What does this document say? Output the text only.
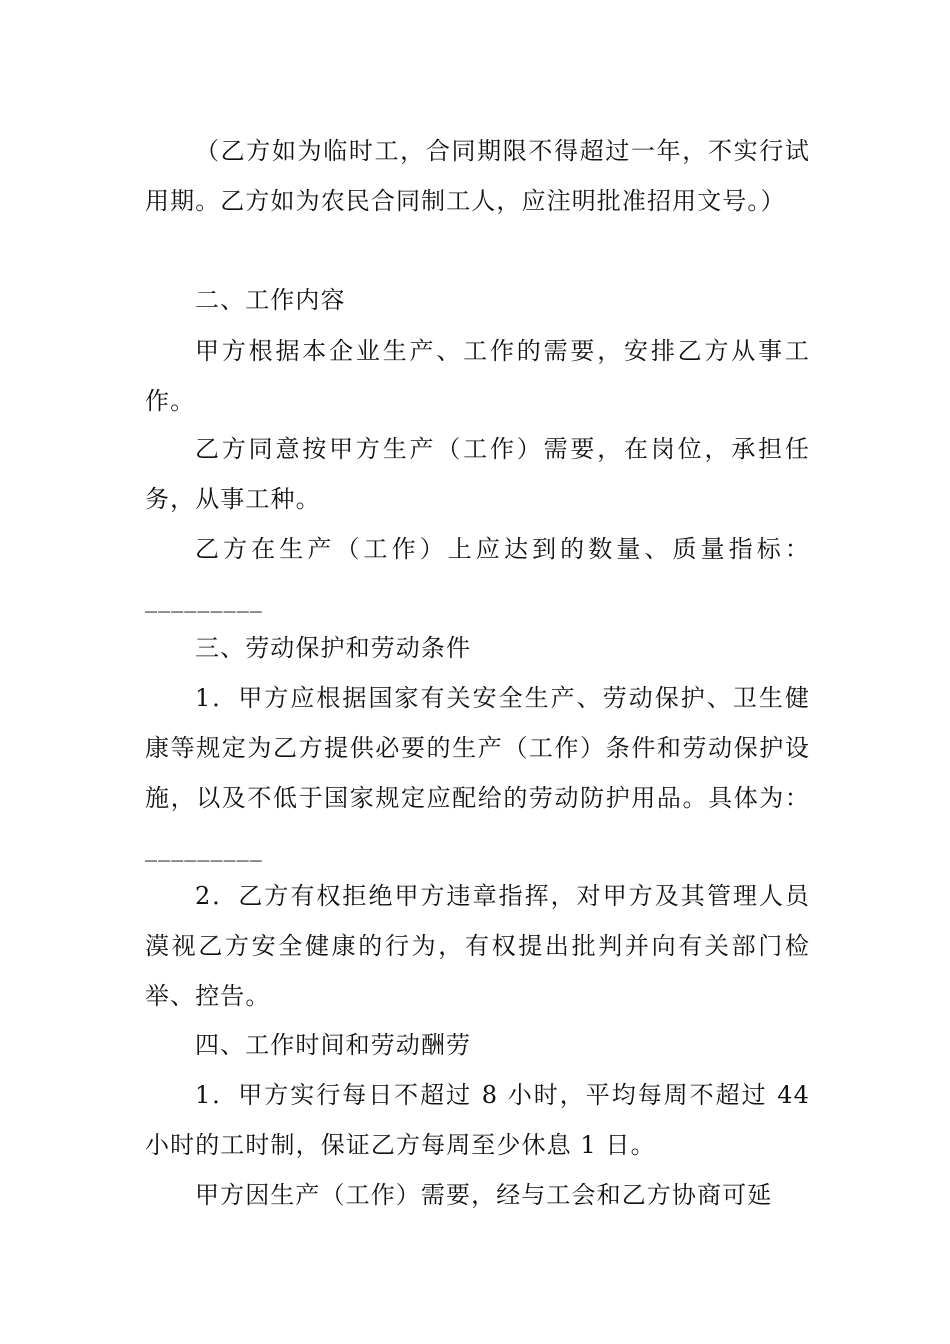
（乙方如为临时工，合同期限不得超过一年，不实行试用期。乙方如为农民合同制工人，应注明批准招用文号。）
二、工作内容
甲方根据本企业生产、工作的需要，安排乙方从事工作。
乙方同意按甲方生产（工作）需要，在岗位，承担任务，从事工种。
乙方在生产（工作）上应达到的数量、质量指标：_________
三、劳动保护和劳动条件
1．甲方应根据国家有关安全生产、劳动保护、卫生健康等规定为乙方提供必要的生产（工作）条件和劳动保护设施，以及不低于国家规定应配给的劳动防护用品。具体为：_________
2．乙方有权拒绝甲方违章指挥，对甲方及其管理人员漠视乙方安全健康的行为，有权提出批判并向有关部门检举、控告。
四、工作时间和劳动酬劳
1．甲方实行每日不超过 8 小时，平均每周不超过 44 小时的工时制，保证乙方每周至少休息 1 日。
甲方因生产（工作）需要，经与工会和乙方协商可延
